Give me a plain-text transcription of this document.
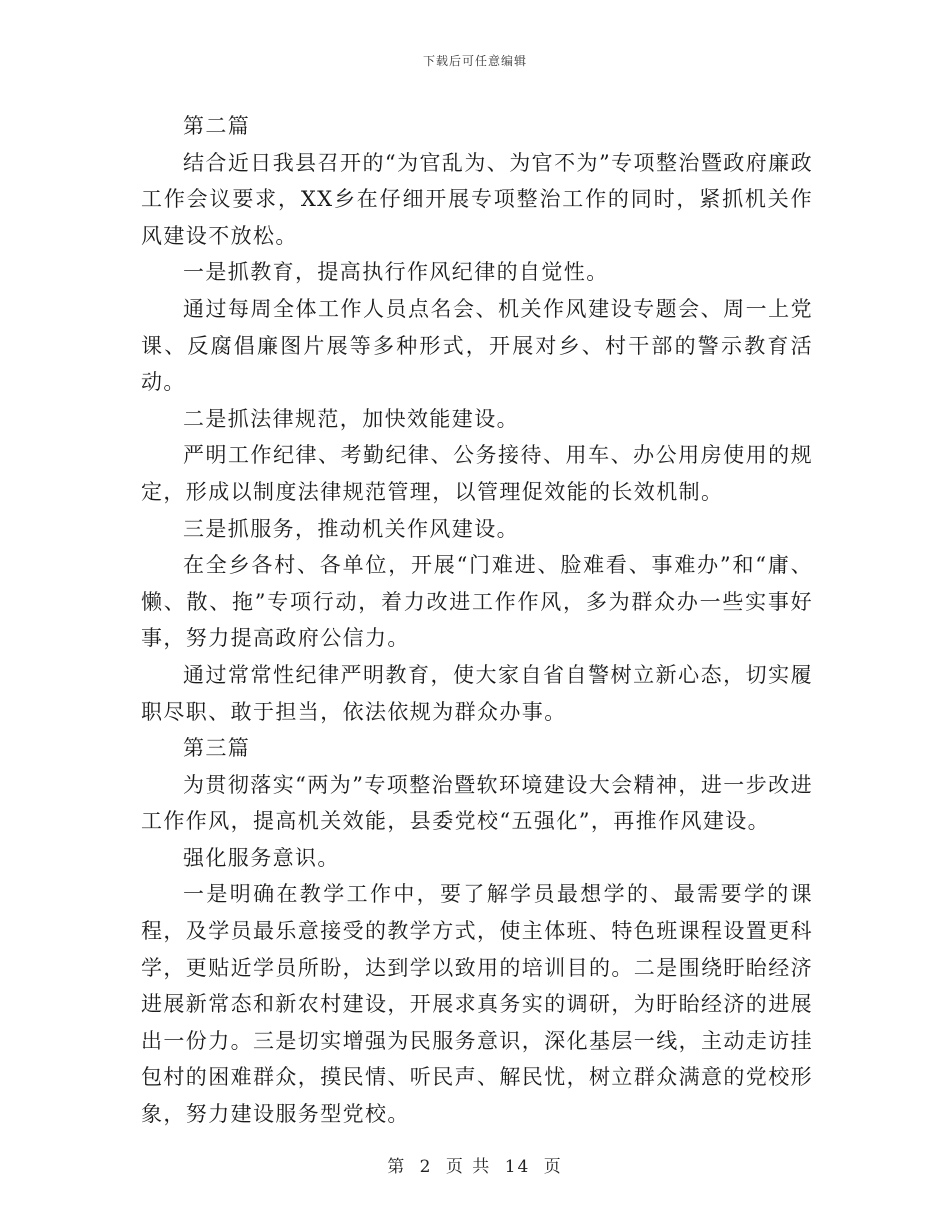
下载后可任意编辑

第二篇

结合近日我县召开的“为官乱为、为官不为”专项整治暨政府廉政工作会议要求，XX乡在仔细开展专项整治工作的同时，紧抓机关作风建设不放松。

一是抓教育，提高执行作风纪律的自觉性。

通过每周全体工作人员点名会、机关作风建设专题会、周一上党课、反腐倡廉图片展等多种形式，开展对乡、村干部的警示教育活动。

二是抓法律规范，加快效能建设。

严明工作纪律、考勤纪律、公务接待、用车、办公用房使用的规定，形成以制度法律规范管理，以管理促效能的长效机制。

三是抓服务，推动机关作风建设。

在全乡各村、各单位，开展“门难进、脸难看、事难办”和“庸、懒、散、拖”专项行动，着力改进工作作风，多为群众办一些实事好事，努力提高政府公信力。

通过常常性纪律严明教育，使大家自省自警树立新心态，切实履职尽职、敢于担当，依法依规为群众办事。

第三篇

为贯彻落实“两为”专项整治暨软环境建设大会精神，进一步改进工作作风，提高机关效能，县委党校“五强化”，再推作风建设。

强化服务意识。

一是明确在教学工作中，要了解学员最想学的、最需要学的课程，及学员最乐意接受的教学方式，使主体班、特色班课程设置更科学，更贴近学员所盼，达到学以致用的培训目的。二是围绕盱眙经济进展新常态和新农村建设，开展求真务实的调研，为盱眙经济的进展出一份力。三是切实增强为民服务意识，深化基层一线，主动走访挂包村的困难群众，摸民情、听民声、解民忧，树立群众满意的党校形象，努力建设服务型党校。

第 2 页 共 14 页
